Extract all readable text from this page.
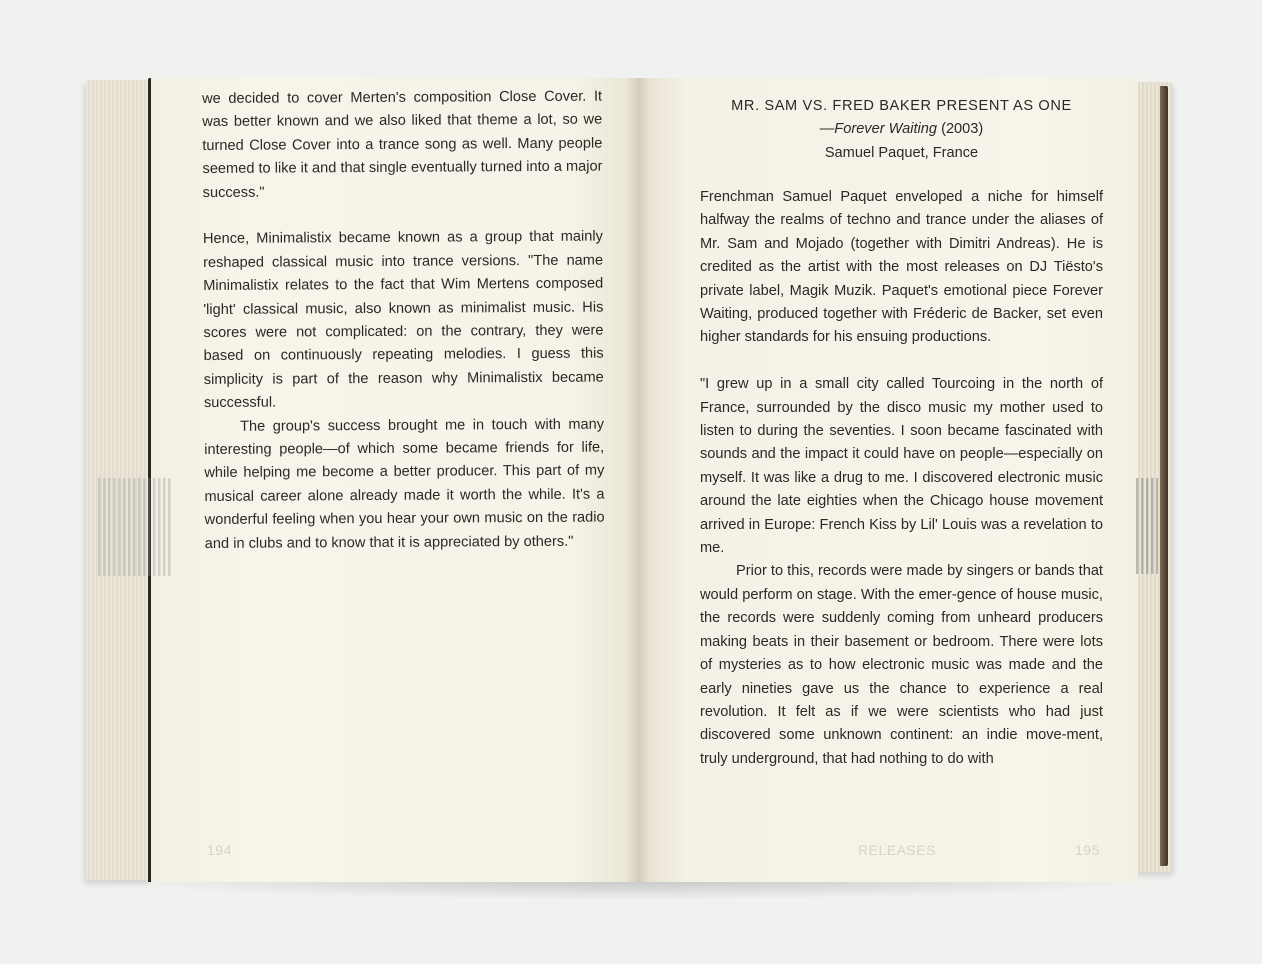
we decided to cover Merten's composition Close Cover. It was better known and we also liked that theme a lot, so we turned Close Cover into a trance song as well. Many people seemed to like it and that single eventually turned into a major success."

Hence, Minimalistix became known as a group that mainly reshaped classical music into trance versions. "The name Minimalistix relates to the fact that Wim Mertens composed 'light' classical music, also known as minimalist music. His scores were not complicated: on the contrary, they were based on continuously repeating melodies. I guess this simplicity is part of the reason why Minimalistix became successful.

The group's success brought me in touch with many interesting people—of which some became friends for life, while helping me become a better producer. This part of my musical career alone already made it worth the while. It's a wonderful feeling when you hear your own music on the radio and in clubs and to know that it is appreciated by others."

MR. SAM VS. FRED BAKER PRESENT AS ONE
—Forever Waiting (2003)
Samuel Paquet, France

Frenchman Samuel Paquet enveloped a niche for himself halfway the realms of techno and trance under the aliases of Mr. Sam and Mojado (together with Dimitri Andreas). He is credited as the artist with the most releases on DJ Tiësto's private label, Magik Muzik. Paquet's emotional piece Forever Waiting, produced together with Fréderic de Backer, set even higher standards for his ensuing productions.

"I grew up in a small city called Tourcoing in the north of France, surrounded by the disco music my mother used to listen to during the seventies. I soon became fascinated with sounds and the impact it could have on people—especially on myself. It was like a drug to me. I discovered electronic music around the late eighties when the Chicago house movement arrived in Europe: French Kiss by Lil' Louis was a revelation to me.

Prior to this, records were made by singers or bands that would perform on stage. With the emer-gence of house music, the records were suddenly coming from unheard producers making beats in their basement or bedroom. There were lots of mysteries as to how electronic music was made and the early nineties gave us the chance to experience a real revolution. It felt as if we were scientists who had just discovered some unknown continent: an indie move-ment, truly underground, that had nothing to do with

194	RELEASES	195
